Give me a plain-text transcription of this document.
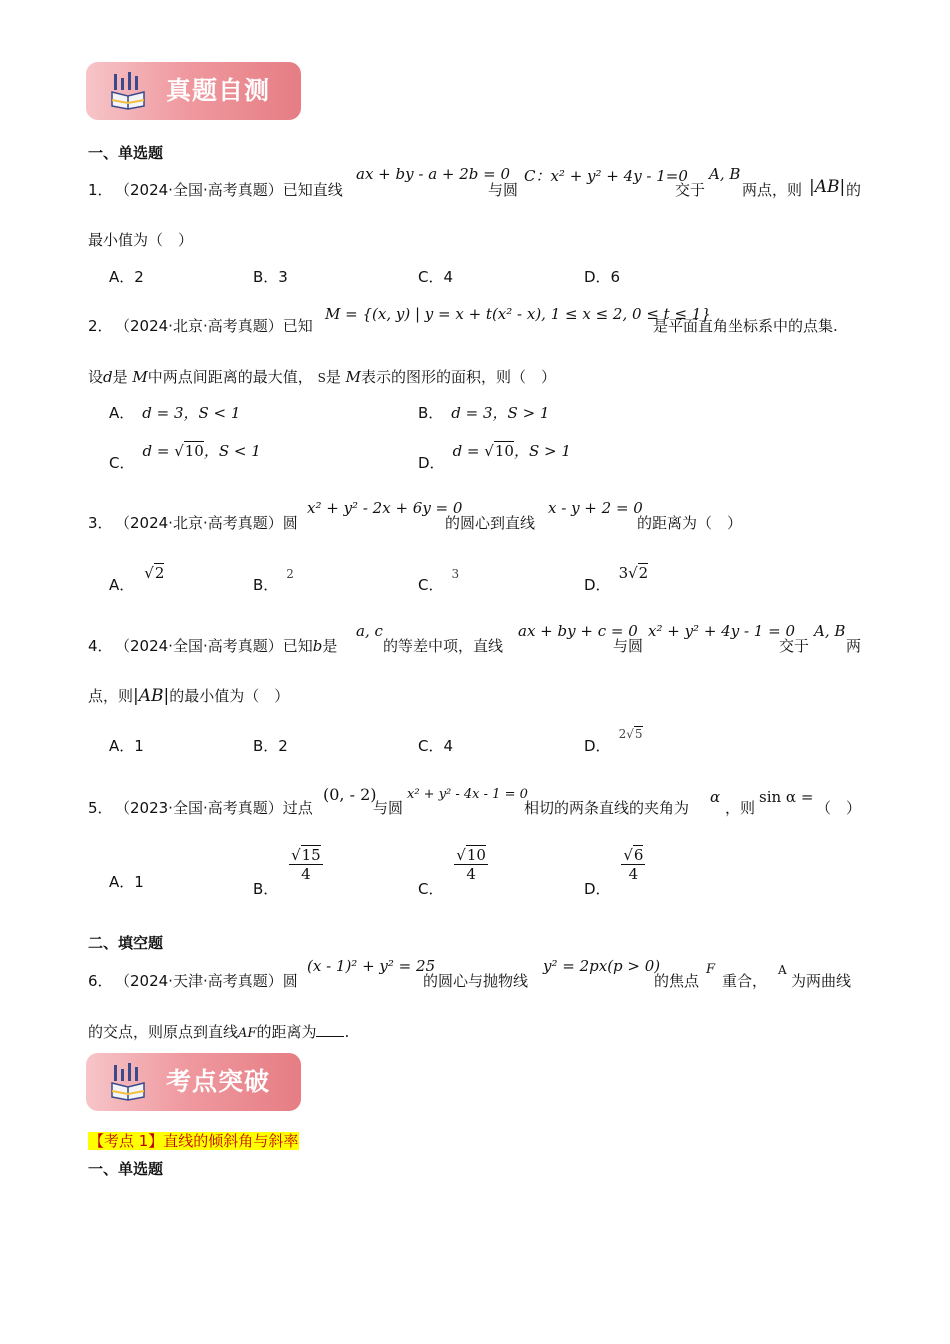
真题自测
一、单选题
1． （2024·全国·高考真题）已知直线
ax + by - a + 2b = 0
与圆
C：x² + y² + 4y - 1=0
交于
A, B
两点，则 |AB| 的
最小值为（　）
A．2	B．3	C．4	D．6
2． （2024·北京·高考真题）已知
M = {(x, y) | y = x + t(x² - x), 1 ≤ x ≤ 2, 0 ≤ t ≤ 1}
是平面直角坐标系中的点集.
设d是 M中两点间距离的最大值， S是 M表示的图形的面积，则（　）
A． d = 3，S < 1	B． d = 3，S > 1
C．d = √10，S < 1
D．d = √10，S > 1
3． （2024·北京·高考真题）圆
x² + y² - 2x + 6y = 0
的圆心到直线
x - y + 2 = 0
的距离为（　）
A．√2
B．2
C．3
D．3√2
4． （2024·全国·高考真题）已知b是
a, c
的等差中项，直线
ax + by + c = 0
与圆
x² + y² + 4y - 1 = 0
交于
A, B
两
点，则|AB|的最小值为（　）
A．1	B．2	C．4	D．2√5
5． （2023·全国·高考真题）过点
(0, - 2)
与圆
x² + y² - 4x - 1 = 0
相切的两条直线的夹角为
α
，则
sin α =
（　）
A．1	B．
$\frac{√15}{4}$
C．
$\frac{√10}{4}$
D．
$\frac{√6}{4}$
二、填空题
6． （2024·天津·高考真题）圆
(x - 1)² + y² = 25
的圆心与抛物线
y² = 2px(p > 0)
的焦点
F
重合，
A
为两曲线
的交点，则原点到直线AF的距离为 .
考点突破
【考点 1】直线的倾斜角与斜率
一、单选题
